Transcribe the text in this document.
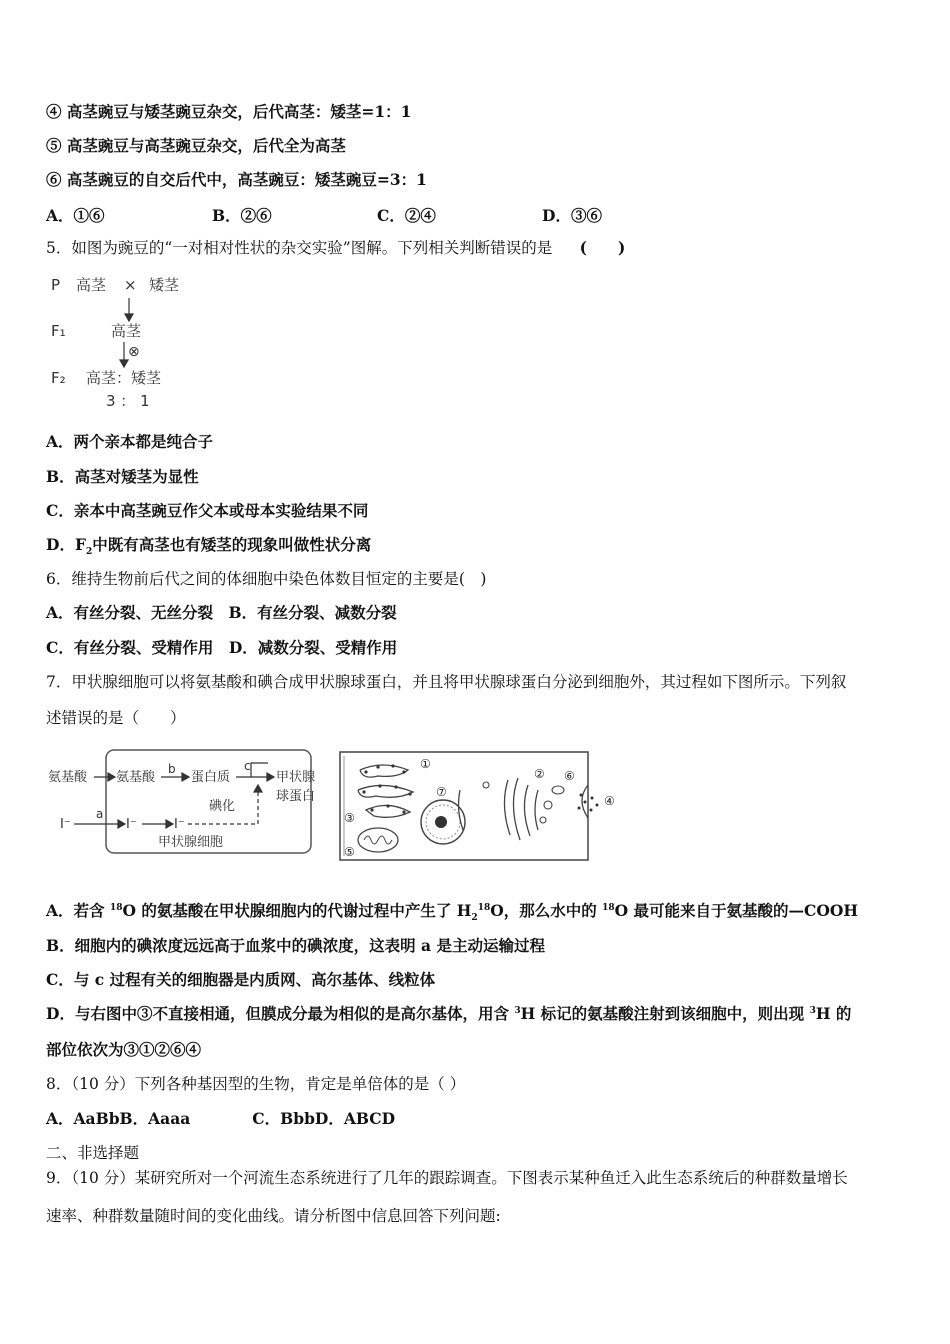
④ 高茎豌豆与矮茎豌豆杂交，后代高茎：矮茎=1：1
⑤ 高茎豌豆与高茎豌豆杂交，后代全为高茎
⑥ 高茎豌豆的自交后代中，高茎豌豆：矮茎豌豆=3：1
A．①⑥	B．②⑥	C．②④	D．③⑥
5．如图为豌豆的“一对相对性状的杂交实验”图解。下列相关判断错误的是 (　　)
P 高茎 × 矮茎
F₁	高茎
⊗
F₂ 高茎：矮茎
3 ： 1
A．两个亲本都是纯合子
B．高茎对矮茎为显性
C．亲本中高茎豌豆作父本或母本实验结果不同
D．$F_2$中既有高茎也有矮茎的现象叫做性状分离
6．维持生物前后代之间的体细胞中染色体数目恒定的主要是(　)
A．有丝分裂、无丝分裂　B．有丝分裂、减数分裂
C．有丝分裂、受精作用　D．减数分裂、受精作用
7．甲状腺细胞可以将氨基酸和碘合成甲状腺球蛋白，并且将甲状腺球蛋白分泌到细胞外，其过程如下图所示。下列叙
述错误的是（　　）
氨基酸 氨基酸
b
蛋白质
c
甲状腺
球蛋白
I⁻
a
I⁻	I⁻
碘化
甲状腺细胞
①
②
③
④
⑤
⑥
⑦
A．若含 $^{18}$O 的氨基酸在甲状腺细胞内的代谢过程中产生了 $H_2^{18}O$，那么水中的 $^{18}$O 最可能来自于氨基酸的—COOH
B．细胞内的碘浓度远远高于血浆中的碘浓度，这表明 a 是主动运输过程
C．与 c 过程有关的细胞器是内质网、高尔基体、线粒体
D．与右图中③不直接相通，但膜成分最为相似的是高尔基体，用含 $^3$H 标记的氨基酸注射到该细胞中，则出现 $^3$H 的
部位依次为③①②⑥④
8．（10 分）下列各种基因型的生物，肯定是单倍体的是（ ）
A．AaBbB．Aaaa　　　　C．BbbD．ABCD
二、非选择题
9．（10 分）某研究所对一个河流生态系统进行了几年的跟踪调查。下图表示某种鱼迁入此生态系统后的种群数量增长
速率、种群数量随时间的变化曲线。请分析图中信息回答下列问题:
